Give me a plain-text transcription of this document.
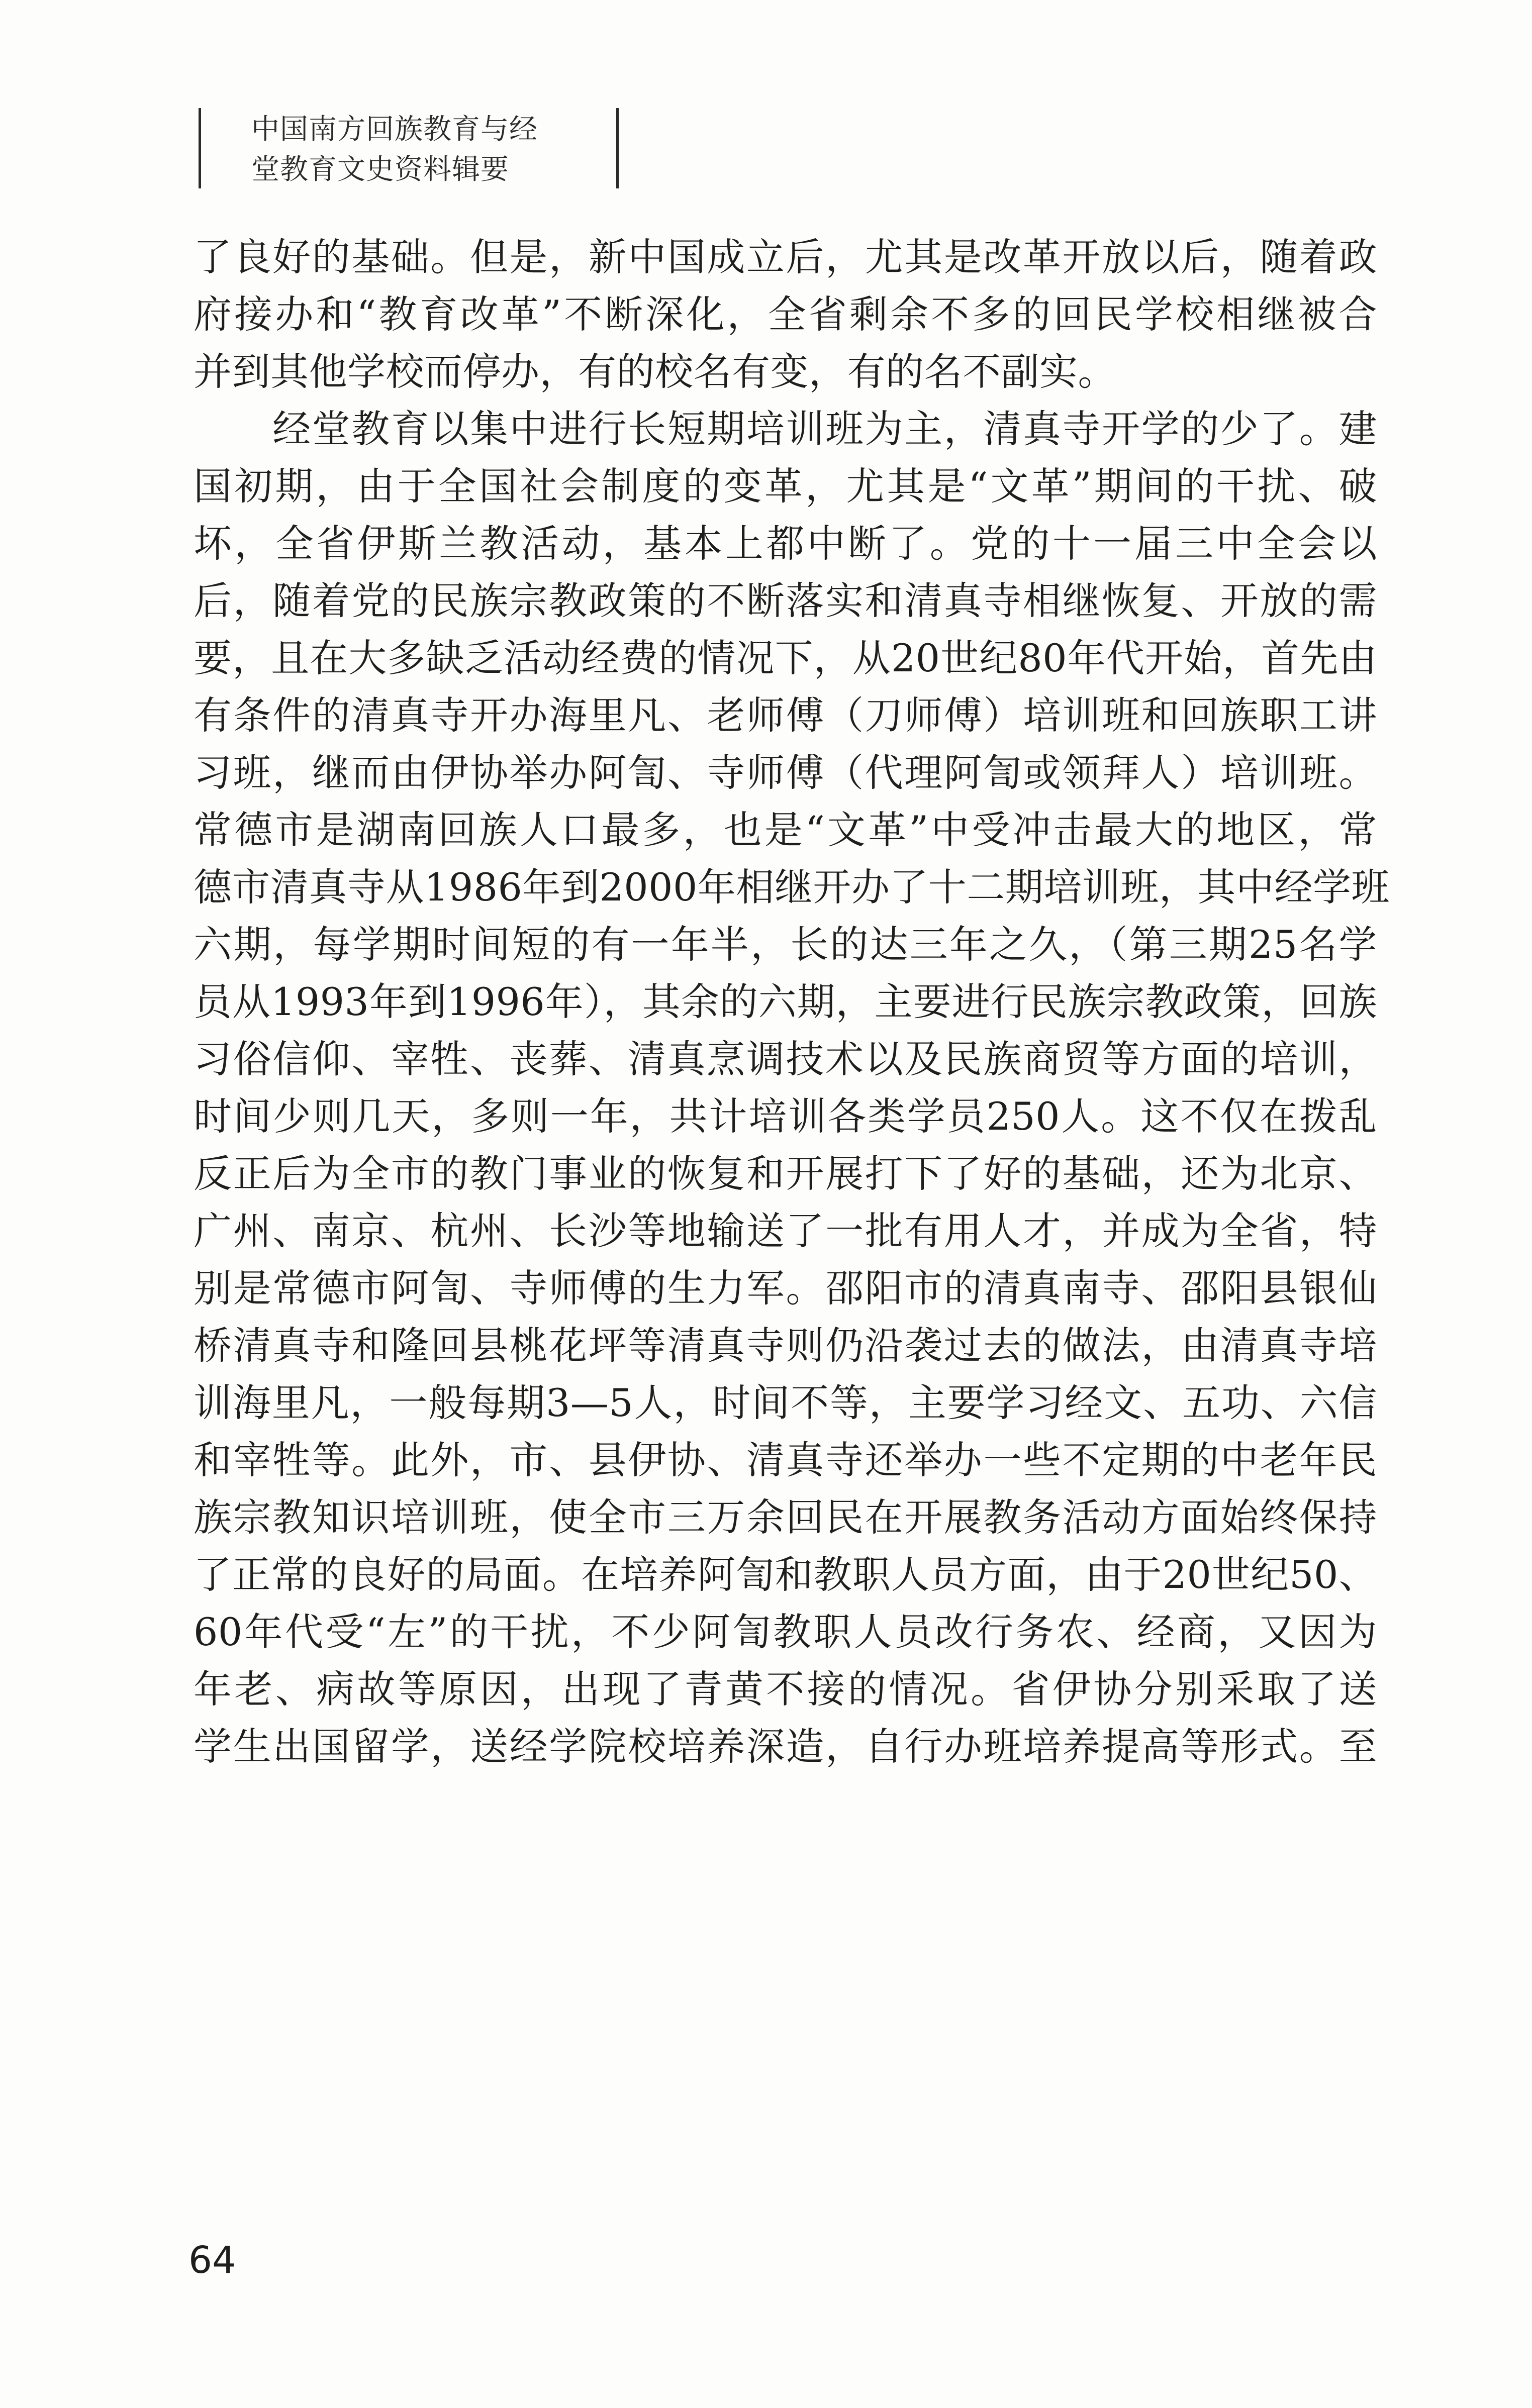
中国南方回族教育与经
堂教育文史资料辑要
了良好的基础。但是，新中国成立后，尤其是改革开放以后，随着政
府接办和“教育改革”不断深化，全省剩余不多的回民学校相继被合
并到其他学校而停办，有的校名有变，有的名不副实。
　　经堂教育以集中进行长短期培训班为主，清真寺开学的少了。建
国初期，由于全国社会制度的变革，尤其是“文革”期间的干扰、破
坏，全省伊斯兰教活动，基本上都中断了。党的十一届三中全会以
后，随着党的民族宗教政策的不断落实和清真寺相继恢复、开放的需
要，且在大多缺乏活动经费的情况下，从20世纪80年代开始，首先由
有条件的清真寺开办海里凡、老师傅（刀师傅）培训班和回族职工讲
习班，继而由伊协举办阿訇、寺师傅（代理阿訇或领拜人）培训班。
常德市是湖南回族人口最多，也是“文革”中受冲击最大的地区，常
德市清真寺从1986年到2000年相继开办了十二期培训班，其中经学班
六期，每学期时间短的有一年半，长的达三年之久，（第三期25名学
员从1993年到1996年），其余的六期，主要进行民族宗教政策，回族
习俗信仰、宰牲、丧葬、清真烹调技术以及民族商贸等方面的培训，
时间少则几天，多则一年，共计培训各类学员250人。这不仅在拨乱
反正后为全市的教门事业的恢复和开展打下了好的基础，还为北京、
广州、南京、杭州、长沙等地输送了一批有用人才，并成为全省，特
别是常德市阿訇、寺师傅的生力军。邵阳市的清真南寺、邵阳县银仙
桥清真寺和隆回县桃花坪等清真寺则仍沿袭过去的做法，由清真寺培
训海里凡，一般每期3—5人，时间不等，主要学习经文、五功、六信
和宰牲等。此外，市、县伊协、清真寺还举办一些不定期的中老年民
族宗教知识培训班，使全市三万余回民在开展教务活动方面始终保持
了正常的良好的局面。在培养阿訇和教职人员方面，由于20世纪50、
60年代受“左”的干扰，不少阿訇教职人员改行务农、经商，又因为
年老、病故等原因，出现了青黄不接的情况。省伊协分别采取了送
学生出国留学，送经学院校培养深造，自行办班培养提高等形式。至
64
